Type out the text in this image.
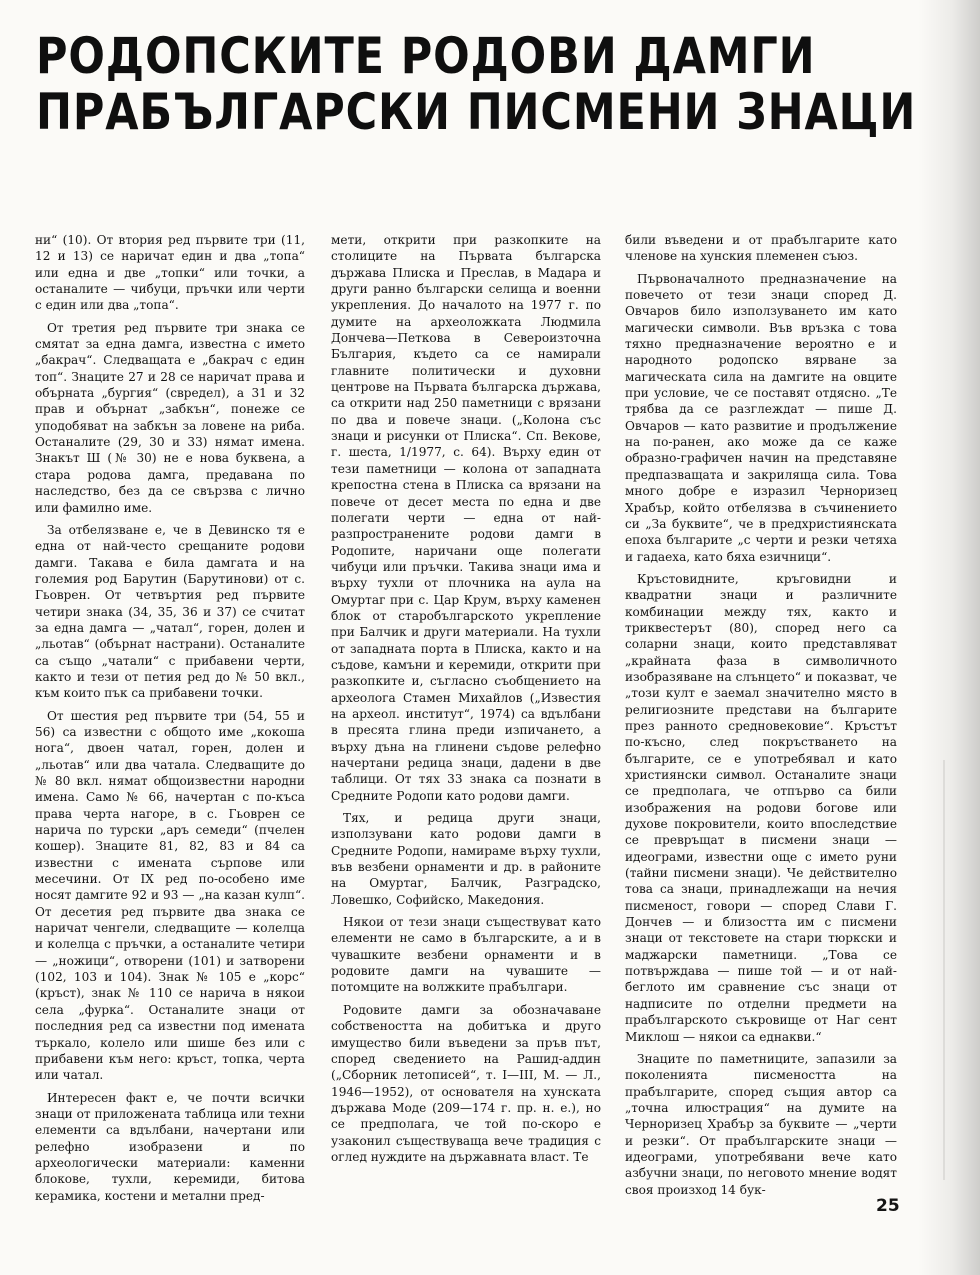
РОДОПСКИТЕ РОДОВИ ДАМГИ
ПРАБЪЛГАРСКИ ПИСМЕНИ ЗНАЦИ

ни“ (10). От втория ред първите три (11, 12 и 13) се наричат един и два „топа“ или една и две „топки“ или точки, а останалите — чибуци, пръчки или черти с един или два „топа“.

От третия ред първите три знака се смятат за една дамга, известна с името „бакрач“. Следващата е „бакрач с един топ“. Знаците 27 и 28 се наричат права и обърната „бургия“ (свредел), а 31 и 32 прав и обърнат „забкън“, понеже се уподобяват на забкън за ловене на риба. Останалите (29, 30 и 33) нямат имена. Знакът Ш (№ 30) не е нова буквена, а стара родова дамга, предавана по наследство, без да се свързва с лично или фамилно име.

За отбелязване е, че в Девинско тя е една от най-често срещаните родови дамги. Такава е била дамгата и на големия род Барутин (Барутинови) от с. Гьоврен. От четвъртия ред първите четири знака (34, 35, 36 и 37) се считат за една дамга — „чатал“, горен, долен и „льотав“ (обърнат настрани). Останалите са също „чатали“ с прибавени черти, както и тези от петия ред до № 50 вкл., към които пък са прибавени точки.

От шестия ред първите три (54, 55 и 56) са известни с общото име „кокоша нога“, двоен чатал, горен, долен и „льотав“ или два чатала. Следващите до № 80 вкл. нямат общоизвестни народни имена. Само № 66, начертан с по-къса права черта нагоре, в с. Гьоврен се нарича по турски „аръ семеди“ (пчелен кошер). Знаците 81, 82, 83 и 84 са известни с имената сърпове или месечини. От IX ред по-особено име носят дамгите 92 и 93 — „на казан кулп“. От десетия ред първите два знака се наричат ченгели, следващите — колелца и колелца с пръчки, а останалите четири — „ножици“, отворени (101) и затворени (102, 103 и 104). Знак № 105 е „корс“ (кръст), знак № 110 се нарича в някои села „фурка“. Останалите знаци от последния ред са известни под имената търкало, колело или шише без или с прибавени към него: кръст, топка, черта или чатал.

Интересен факт е, че почти всички знаци от приложената таблица или техни елементи са вдълбани, начертани или релефно изобразени и по археологически материали: каменни блокове, тухли, керемиди, битова керамика, костени и метални пред-

мети, открити при разкопките на столиците на Първата българска държава Плиска и Преслав, в Мадара и други ранно български селища и военни укрепления. До началото на 1977 г. по думите на археоложката Людмила Дончева—Петкова в Североизточна България, където са се намирали главните политически и духовни центрове на Първата българска държава, са открити над 250 паметници с врязани по два и повече знаци. („Колона със знаци и рисунки от Плиска“. Сп. Векове, г. шеста, 1/1977, с. 64). Върху един от тези паметници — колона от западната крепостна стена в Плиска са врязани на повече от десет места по една и две полегати черти — една от най-разпространените родови дамги в Родопите, наричани още полегати чибуци или пръчки. Такива знаци има и върху тухли от плочника на аула на Омуртаг при с. Цар Крум, върху каменен блок от старобългарското укрепление при Балчик и други материали. На тухли от западната порта в Плиска, както и на съдове, камъни и керемиди, открити при разкопките и, съгласно съобщението на археолога Стамен Михайлов („Известия на археол. институт“, 1974) са вдълбани в пресята глина преди изпичането, а върху дъна на глинени съдове релефно начертани редица знаци, дадени в две таблици. От тях 33 знака са познати в Средните Родопи като родови дамги.

Тях, и редица други знаци, използувани като родови дамги в Средните Родопи, намираме върху тухли, във везбени орнаменти и др. в районите на Омуртаг, Балчик, Разградско, Ловешко, Софийско, Македония.

Някои от тези знаци съществуват като елементи не само в българските, а и в чувашките везбени орнаменти и в родовите дамги на чувашите — потомците на волжките прабългари.

Родовите дамги за обозначаване собствеността на добитъка и друго имущество били въведени за пръв път, според сведението на Рашид-аддин („Сборник летописей“, т. I—III, М. — Л., 1946—1952), от основателя на хунската държава Моде (209—174 г. пр. н. е.), но се предполага, че той по-скоро е узаконил съществуваща вече традиция с оглед нуждите на държавната власт. Те

били въведени и от прабългарите като членове на хунския племенен съюз.

Първоначалното предназначение на повечето от тези знаци според Д. Овчаров било използуването им като магически символи. Във връзка с това тяхно предназначение вероятно е и народното родопско вярване за магическата сила на дамгите на овците при условие, че се поставят отдясно. „Те трябва да се разглеждат — пише Д. Овчаров — като развитие и продължение на по-ранен, ако може да се каже образно-графичен начин на представяне предпазващата и закриляща сила. Това много добре е изразил Черноризец Храбър, който отбелязва в съчинението си „За буквите“, че в предхристиянската епоха българите „с черти и резки четяха и гадаеха, като бяха езичници“.

Кръстовидните, кръговидни и квадратни знаци и различните комбинации между тях, както и триквестерът (80), според него са соларни знаци, които представляват „крайната фаза в символичното изобразяване на слънцето“ и показват, че „този култ е заемал значително място в религиозните представи на българите през ранното средновековие“. Кръстът по-късно, след покръстването на българите, се е употребявал и като християнски символ. Останалите знаци се предполага, че отпърво са били изображения на родови богове или духове покровители, които впоследствие се превръщат в писмени знаци — идеограми, известни още с името руни (тайни писмени знаци). Че действително това са знаци, принадлежащи на нечия писменост, говори — според Слави Г. Дончев — и близостта им с писмени знаци от текстовете на стари тюркски и маджарски паметници. „Това се потвърждава — пише той — и от най-беглото им сравнение със знаци от надписите по отделни предмети на прабългарското съкровище от Наг сент Миклош — някои са еднакви.“

Знаците по паметниците, запазили за поколенията писмеността на прабългарите, според същия автор са „точна илюстрация“ на думите на Черноризец Храбър за буквите — „черти и резки“. От прабългарските знаци — идеограми, употребявани вече като азбучни знаци, по неговото мнение водят своя произход 14 бук-

25
